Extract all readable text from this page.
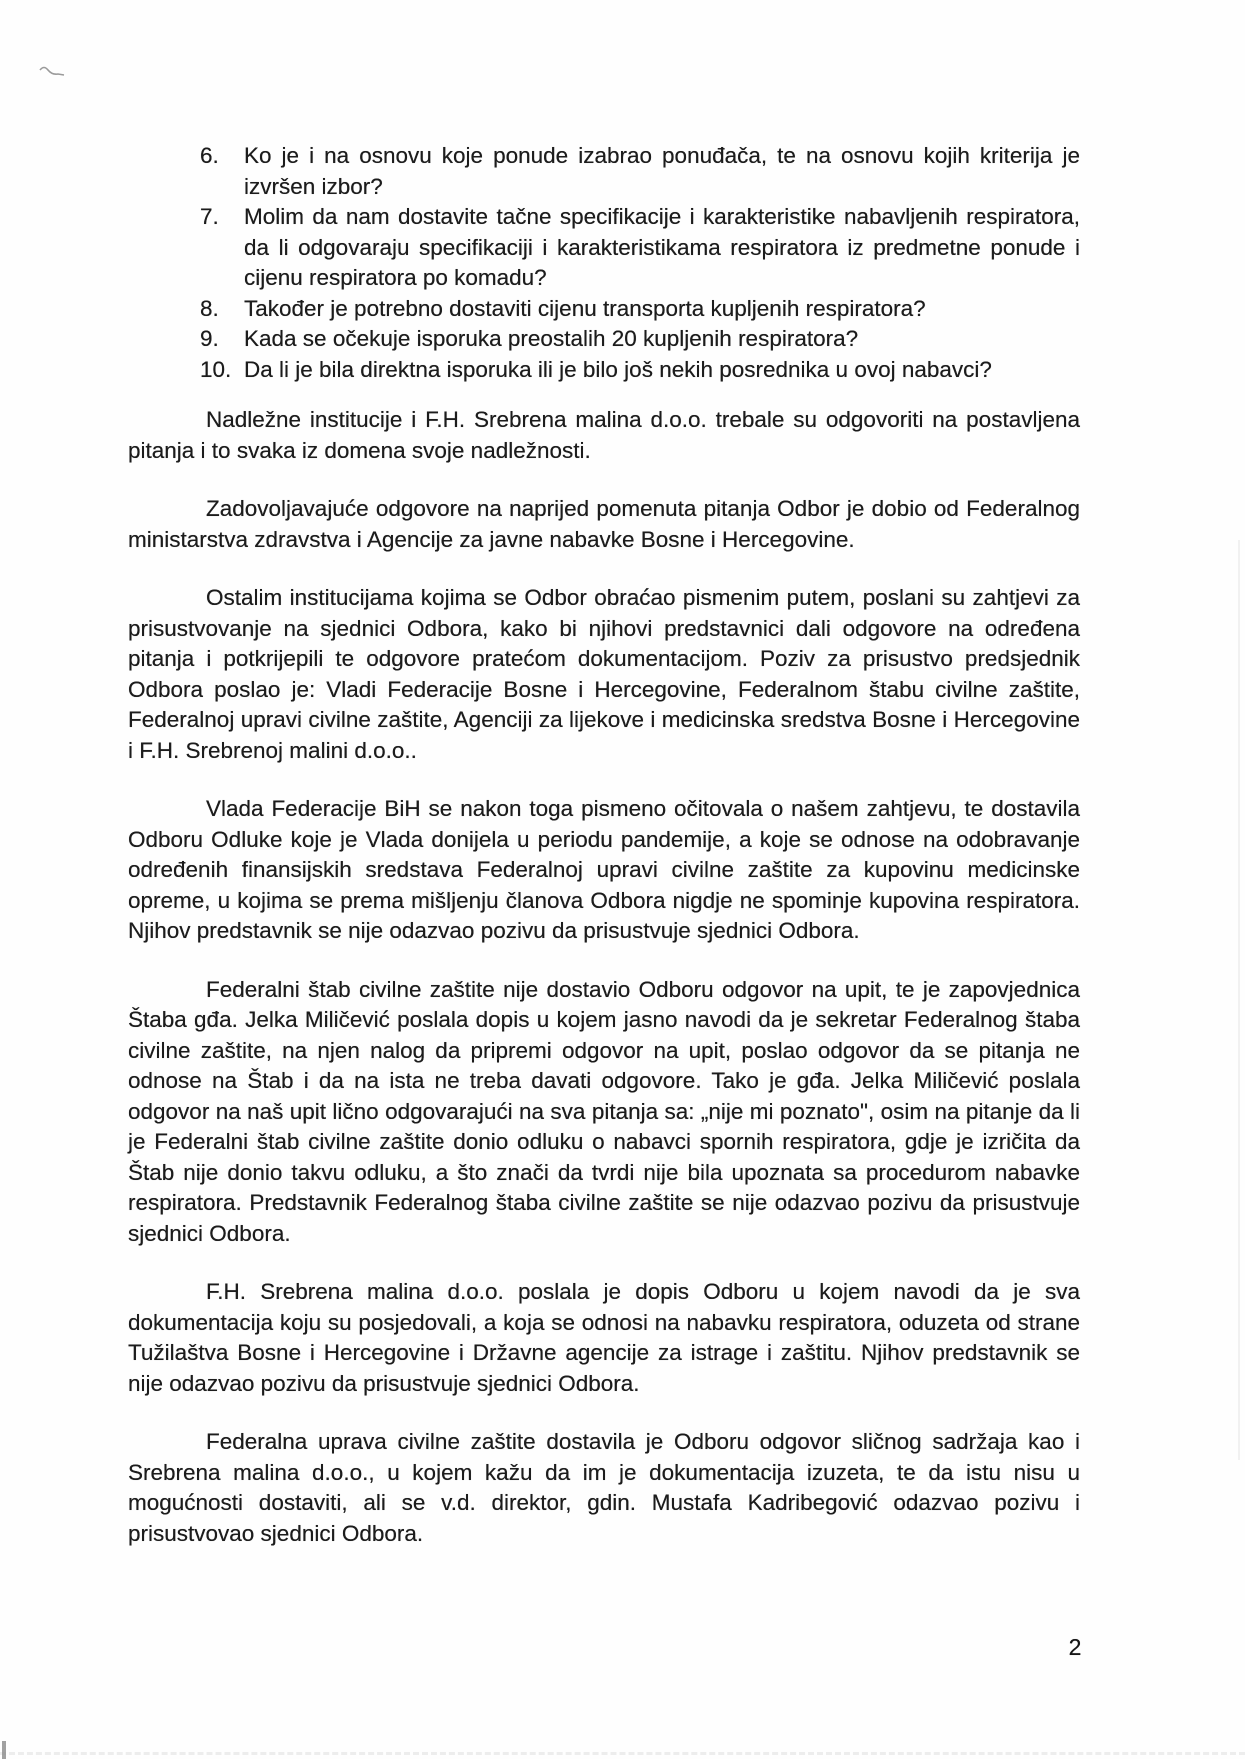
6.	Ko je i na osnovu koje ponude izabrao ponuđača, te na osnovu kojih kriterija je izvršen izbor?
7.	Molim da nam dostavite tačne specifikacije i karakteristike nabavljenih respiratora, da li odgovaraju specifikaciji i karakteristikama respiratora iz predmetne ponude i cijenu respiratora po komadu?
8.	Također je potrebno dostaviti cijenu transporta kupljenih respiratora?
9.	Kada se očekuje isporuka preostalih 20 kupljenih respiratora?
10. Da li je bila direktna isporuka ili je bilo još nekih posrednika u ovoj nabavci?

Nadležne institucije i F.H. Srebrena malina d.o.o. trebale su odgovoriti na postavljena pitanja i to svaka iz domena svoje nadležnosti.

Zadovoljavajuće odgovore na naprijed pomenuta pitanja Odbor je dobio od Federalnog ministarstva zdravstva i Agencije za javne nabavke Bosne i Hercegovine.

Ostalim institucijama kojima se Odbor obraćao pismenim putem, poslani su zahtjevi za prisustvovanje na sjednici Odbora, kako bi njihovi predstavnici dali odgovore na određena pitanja i potkrijepili te odgovore pratećom dokumentacijom. Poziv za prisustvo predsjednik Odbora poslao je: Vladi Federacije Bosne i Hercegovine, Federalnom štabu civilne zaštite, Federalnoj upravi civilne zaštite, Agenciji za lijekove i medicinska sredstva Bosne i Hercegovine i F.H. Srebrenoj malini d.o.o..

Vlada Federacije BiH se nakon toga pismeno očitovala o našem zahtjevu, te dostavila Odboru Odluke koje je Vlada donijela u periodu pandemije, a koje se odnose na odobravanje određenih finansijskih sredstava Federalnoj upravi civilne zaštite za kupovinu medicinske opreme, u kojima se prema mišljenju članova Odbora nigdje ne spominje kupovina respiratora. Njihov predstavnik se nije odazvao pozivu da prisustvuje sjednici Odbora.

Federalni štab civilne zaštite nije dostavio Odboru odgovor na upit, te je zapovjednica Štaba gđa. Jelka Miličević poslala dopis u kojem jasno navodi da je sekretar Federalnog štaba civilne zaštite, na njen nalog da pripremi odgovor na upit, poslao odgovor da se pitanja ne odnose na Štab i da na ista ne treba davati odgovore. Tako je gđa. Jelka Miličević poslala odgovor na naš upit lično odgovarajući na sva pitanja sa: „nije mi poznato", osim na pitanje da li je Federalni štab civilne zaštite donio odluku o nabavci spornih respiratora, gdje je izričita da Štab nije donio takvu odluku, a što znači da tvrdi nije bila upoznata sa procedurom nabavke respiratora. Predstavnik Federalnog štaba civilne zaštite se nije odazvao pozivu da prisustvuje sjednici Odbora.

F.H. Srebrena malina d.o.o. poslala je dopis Odboru u kojem navodi da je sva dokumentacija koju su posjedovali, a koja se odnosi na nabavku respiratora, oduzeta od strane Tužilaštva Bosne i Hercegovine i Državne agencije za istrage i zaštitu. Njihov predstavnik se nije odazvao pozivu da prisustvuje sjednici Odbora.

Federalna uprava civilne zaštite dostavila je Odboru odgovor sličnog sadržaja kao i Srebrena malina d.o.o., u kojem kažu da im je dokumentacija izuzeta, te da istu nisu u mogućnosti dostaviti, ali se v.d. direktor, gdin. Mustafa Kadribegović odazvao pozivu i prisustvovao sjednici Odbora.

2
